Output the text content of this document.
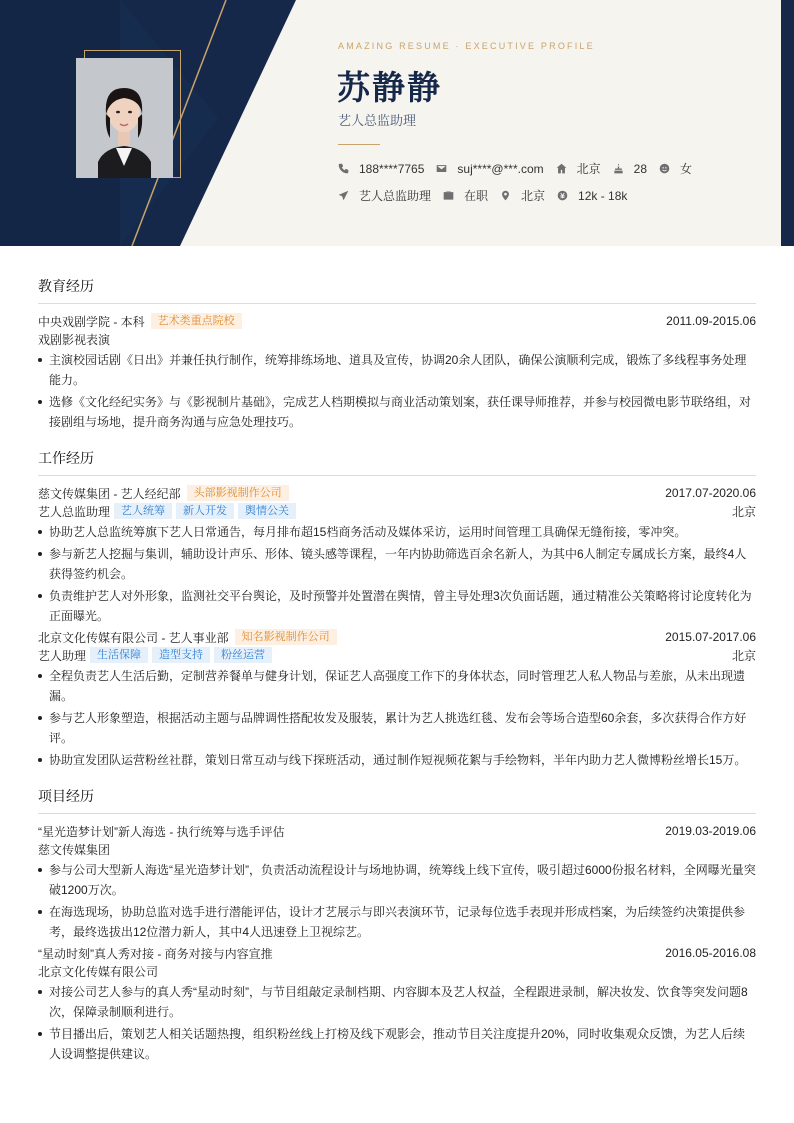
AMAZING RESUME · EXECUTIVE PROFILE
苏静静
艺人总监助理
188****7765	suj****@***.com	北京	28	女
艺人总监助理	在职	北京	12k - 18k
教育经历
中央戏剧学院 - 本科	艺术类重点院校	2011.09-2015.06
戏剧影视表演
主演校园话剧《日出》并兼任执行制作，统筹排练场地、道具及宣传，协调20余人团队，确保公演顺利完成，锻炼了多线程事务处理能力。
选修《文化经纪实务》与《影视制片基础》，完成艺人档期模拟与商业活动策划案，获任课导师推荐，并参与校园微电影节联络组，对接剧组与场地，提升商务沟通与应急处理技巧。
工作经历
慈文传媒集团 - 艺人经纪部	头部影视制作公司	2017.07-2020.06
艺人总监助理	艺人统筹	新人开发	舆情公关	北京
协助艺人总监统筹旗下艺人日常通告，每月排布超15档商务活动及媒体采访，运用时间管理工具确保无缝衔接，零冲突。
参与新艺人挖掘与集训，辅助设计声乐、形体、镜头感等课程，一年内协助筛选百余名新人，为其中6人制定专属成长方案，最终4人获得签约机会。
负责维护艺人对外形象，监测社交平台舆论，及时预警并处置潜在舆情，曾主导处理3次负面话题，通过精准公关策略将讨论度转化为正面曝光。
北京文化传媒有限公司 - 艺人事业部	知名影视制作公司	2015.07-2017.06
艺人助理	生活保障	造型支持	粉丝运营	北京
全程负责艺人生活后勤，定制营养餐单与健身计划，保证艺人高强度工作下的身体状态，同时管理艺人私人物品与差旅，从未出现遗漏。
参与艺人形象塑造，根据活动主题与品牌调性搭配妆发及服装，累计为艺人挑选红毯、发布会等场合造型60余套，多次获得合作方好评。
协助宣发团队运营粉丝社群，策划日常互动与线下探班活动，通过制作短视频花絮与手绘物料，半年内助力艺人微博粉丝增长15万。
项目经历
“星光造梦计划”新人海选 - 执行统筹与选手评估	2019.03-2019.06
慈文传媒集团
参与公司大型新人海选“星光造梦计划”，负责活动流程设计与场地协调，统筹线上线下宣传，吸引超过6000份报名材料，全网曝光量突破1200万次。
在海选现场，协助总监对选手进行潜能评估，设计才艺展示与即兴表演环节，记录每位选手表现并形成档案，为后续签约决策提供参考，最终选拔出12位潜力新人，其中4人迅速登上卫视综艺。
“星动时刻”真人秀对接 - 商务对接与内容宣推	2016.05-2016.08
北京文化传媒有限公司
对接公司艺人参与的真人秀“星动时刻”，与节目组敲定录制档期、内容脚本及艺人权益，全程跟进录制，解决妆发、饮食等突发问题8次，保障录制顺利进行。
节目播出后，策划艺人相关话题热搜，组织粉丝线上打榜及线下观影会，推动节目关注度提升20%，同时收集观众反馈，为艺人后续人设调整提供建议。
